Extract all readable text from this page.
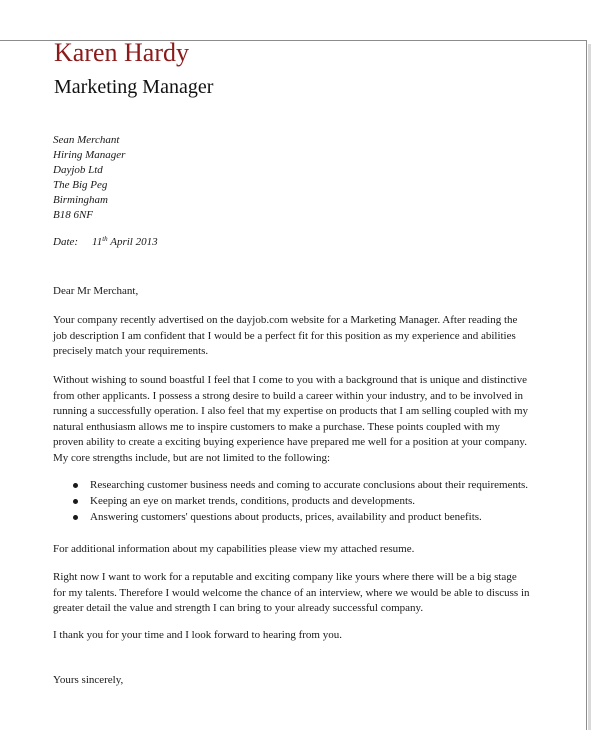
Karen Hardy
Marketing Manager
Sean Merchant
Hiring Manager
Dayjob Ltd
The Big Peg
Birmingham
B18 6NF
Date: 11th April 2013
Dear Mr Merchant,
Your company recently advertised on the dayjob.com website for a Marketing Manager. After reading the
job description I am confident that I would be a perfect fit for this position as my experience and abilities
precisely match your requirements.
Without wishing to sound boastful I feel that I come to you with a background that is unique and distinctive
from other applicants. I possess a strong desire to build a career within your industry, and to be involved in
running a successfully operation. I also feel that my expertise on products that I am selling coupled with my
natural enthusiasm allows me to inspire customers to make a purchase. These points coupled with my
proven ability to create a exciting buying experience have prepared me well for a position at your company.
My core strengths include, but are not limited to the following:
Researching customer business needs and coming to accurate conclusions about their requirements.
Keeping an eye on market trends, conditions, products and developments.
Answering customers' questions about products, prices, availability and product benefits.
For additional information about my capabilities please view my attached resume.
Right now I want to work for a reputable and exciting company like yours where there will be a big stage
for my talents. Therefore I would welcome the chance of an interview, where we would be able to discuss in
greater detail the value and strength I can bring to your already successful company.
I thank you for your time and I look forward to hearing from you.
Yours sincerely,
